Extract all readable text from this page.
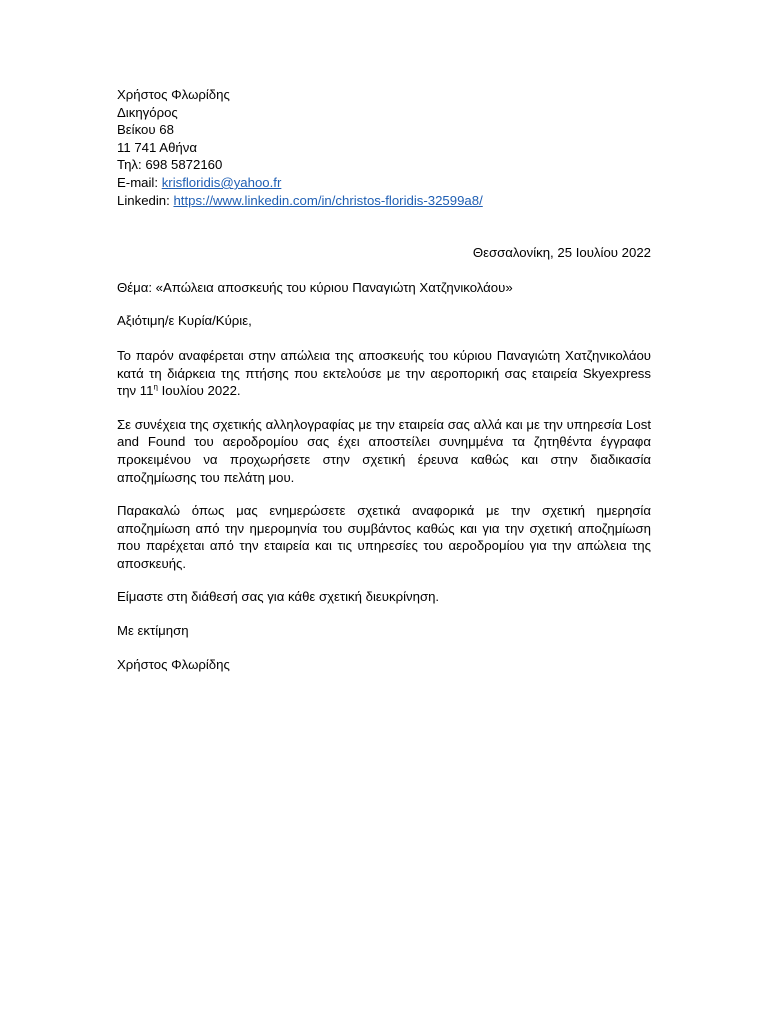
Χρήστος Φλωρίδης
Δικηγόρος
Βείκου 68
11 741 Αθήνα
Τηλ: 698 5872160
E-mail: krisfloridis@yahoo.fr
Linkedin: https://www.linkedin.com/in/christos-floridis-32599a8/
Θεσσαλονίκη, 25 Ιουλίου 2022
Θέμα: «Απώλεια αποσκευής του κύριου Παναγιώτη Χατζηνικολάου»
Αξιότιμη/ε Κυρία/Κύριε,
Το παρόν αναφέρεται στην απώλεια της αποσκευής του κύριου Παναγιώτη Χατζηνικολάου κατά τη διάρκεια της πτήσης που εκτελούσε με την αεροπορική σας εταιρεία Skyexpress την $11^\eta$ Ιουλίου 2022.
Σε συνέχεια της σχετικής αλληλογραφίας με την εταιρεία σας αλλά και με την υπηρεσία Lost and Found του αεροδρομίου σας έχει αποστείλει συνημμένα τα ζητηθέντα έγγραφα προκειμένου να προχωρήσετε στην σχετική έρευνα καθώς και στην διαδικασία αποζημίωσης του πελάτη μου.
Παρακαλώ όπως μας ενημερώσετε σχετικά αναφορικά με την σχετική ημερησία αποζημίωση από την ημερομηνία του συμβάντος καθώς και για την σχετική αποζημίωση που παρέχεται από την εταιρεία και τις υπηρεσίες του αεροδρομίου για την απώλεια της αποσκευής.
Είμαστε στη διάθεσή σας για κάθε σχετική διευκρίνηση.
Με εκτίμηση
Χρήστος Φλωρίδης
